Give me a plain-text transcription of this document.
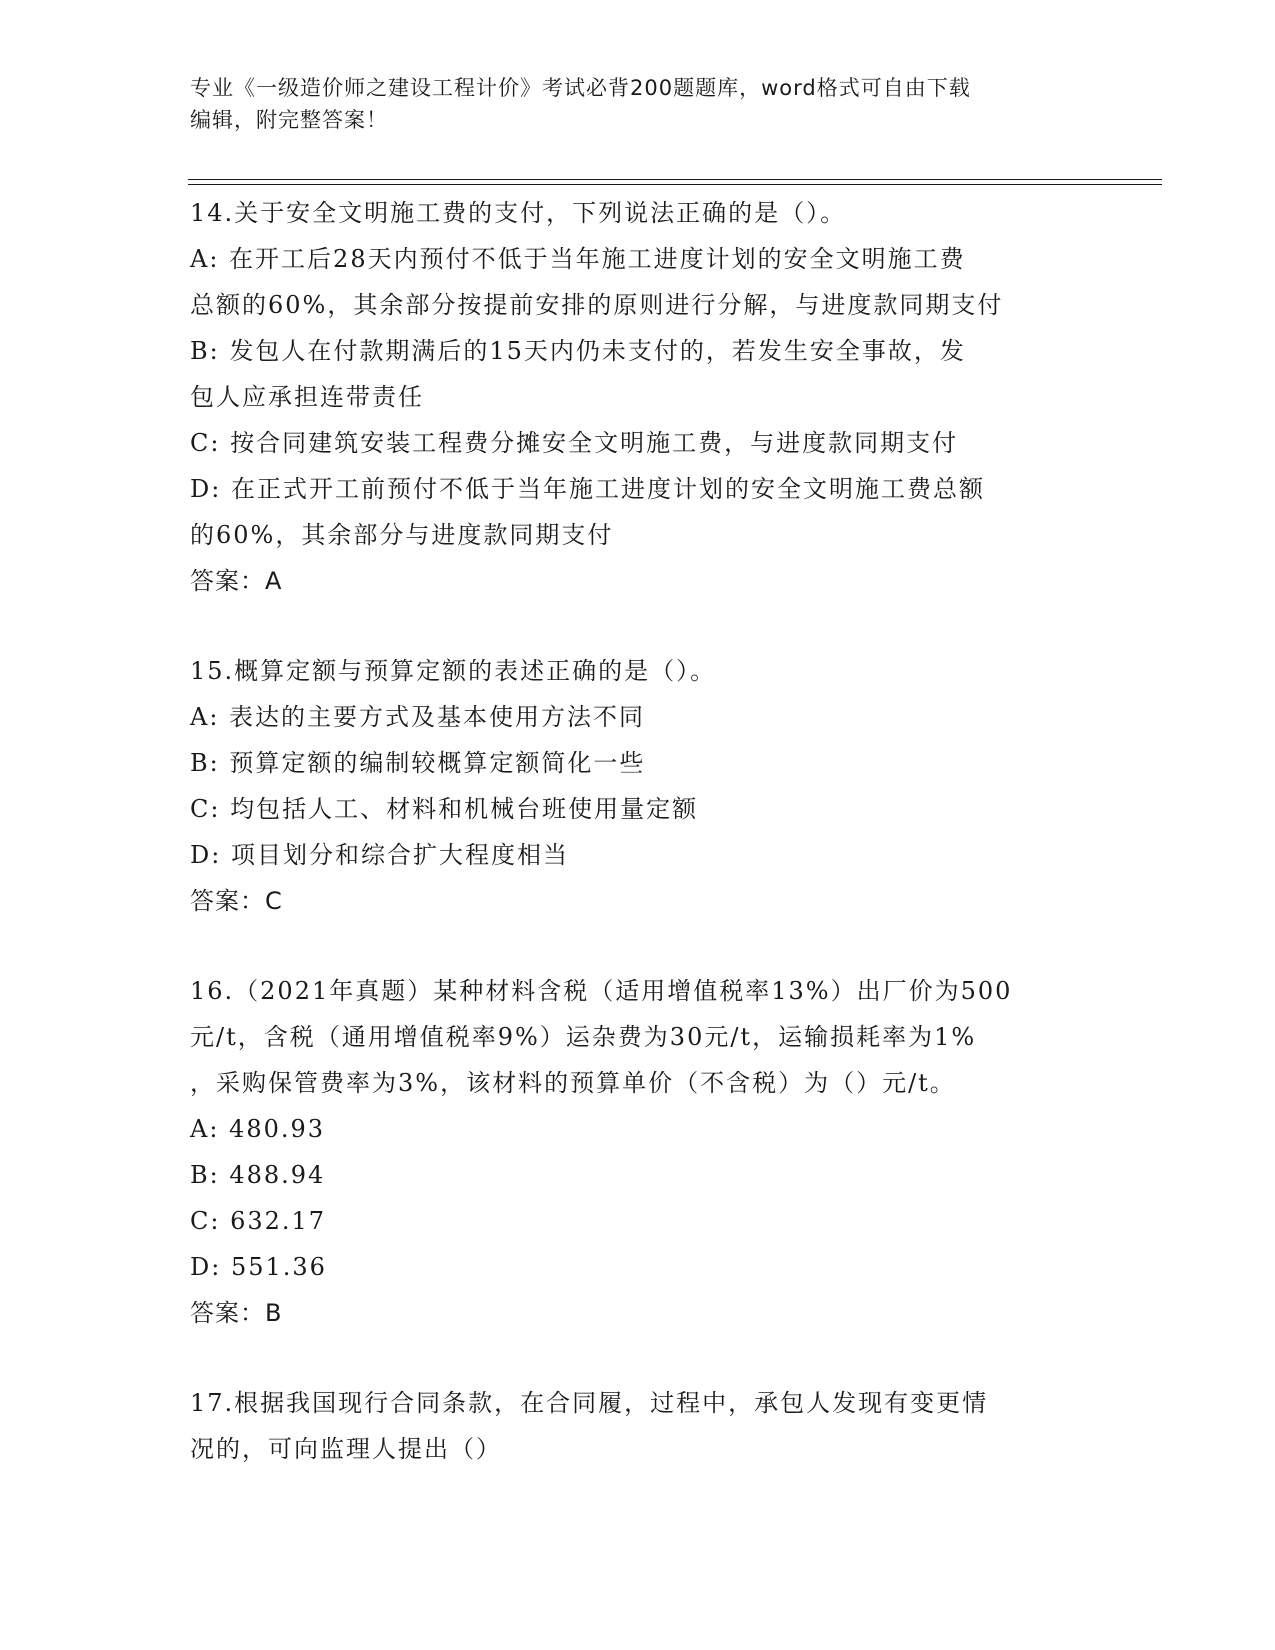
专业《一级造价师之建设工程计价》考试必背200题题库，word格式可自由下载
编辑，附完整答案！
14.关于安全文明施工费的支付，下列说法正确的是（）。
A: 在开工后28天内预付不低于当年施工进度计划的安全文明施工费
总额的60%，其余部分按提前安排的原则进行分解，与进度款同期支付
B: 发包人在付款期满后的15天内仍未支付的，若发生安全事故，发
包人应承担连带责任
C: 按合同建筑安装工程费分摊安全文明施工费，与进度款同期支付
D: 在正式开工前预付不低于当年施工进度计划的安全文明施工费总额
的60%，其余部分与进度款同期支付
答案：A
15.概算定额与预算定额的表述正确的是（）。
A: 表达的主要方式及基本使用方法不同
B: 预算定额的编制较概算定额简化一些
C: 均包括人工、材料和机械台班使用量定额
D: 项目划分和综合扩大程度相当
答案：C
16.（2021年真题）某种材料含税（适用增值税率13%）出厂价为500
元/t，含税（通用增值税率9%）运杂费为30元/t，运输损耗率为1%
，采购保管费率为3%，该材料的预算单价（不含税）为（）元/t。
A: 480.93
B: 488.94
C: 632.17
D: 551.36
答案：B
17.根据我国现行合同条款，在合同履，过程中，承包人发现有变更情
况的，可向监理人提出（）
